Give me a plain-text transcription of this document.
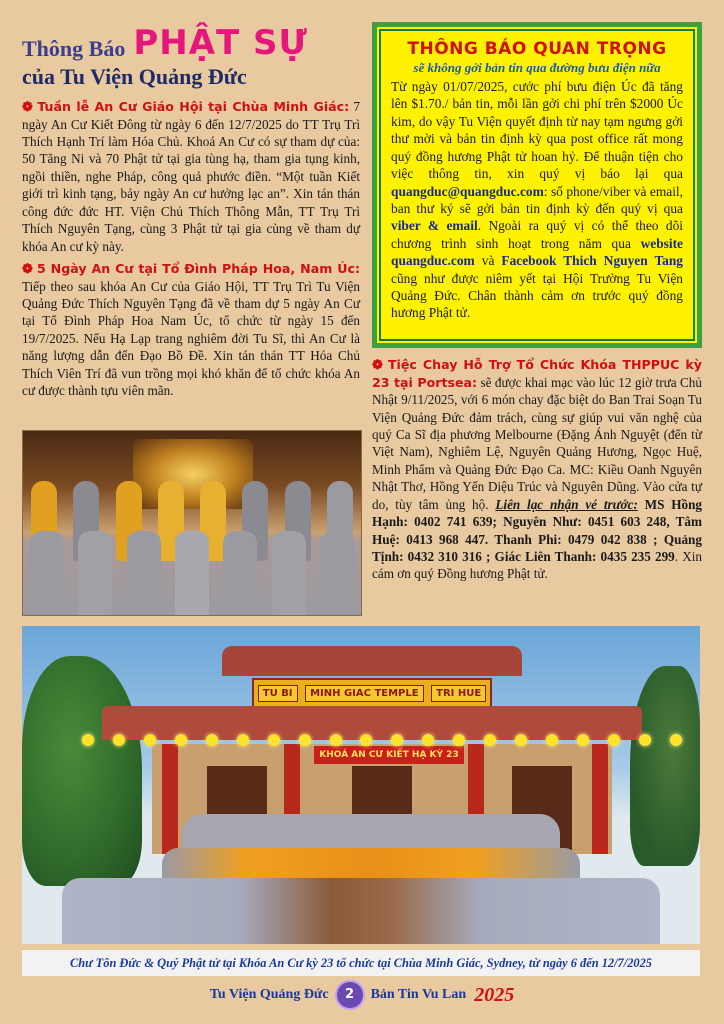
Thông Báo PHẬT SỰ
của Tu Viện Quảng Đức

❁ Tuần lễ An Cư Giáo Hội tại Chùa Minh Giác: 7 ngày An Cư Kiết Đông từ ngày 6 đến 12/7/2025 do TT Trụ Trì Thích Hạnh Trí làm Hóa Chủ. Khoá An Cư có sự tham dự của: 50 Tăng Ni và 70 Phật tử tại gia tùng hạ, tham gia tụng kinh, ngồi thiền, nghe Pháp, công quả phước điền. “Một tuần Kiết giới trì kinh tạng, bảy ngày An cư hưởng lạc an”. Xin tán thán công đức đức HT. Viện Chủ Thích Thông Mẫn, TT Trụ Trì Thích Nguyên Tạng, cùng 3 Phật tử tại gia cùng về tham dự khóa An cư kỳ này.

❁ 5 Ngày An Cư tại Tổ Đình Pháp Hoa, Nam Úc: Tiếp theo sau khóa An Cư của Giáo Hội, TT Trụ Trì Tu Viện Quảng Đức Thích Nguyên Tạng đã về tham dự 5 ngày An Cư tại Tổ Đình Pháp Hoa Nam Úc, tổ chức từ ngày 15 đến 19/7/2025. Nếu Hạ Lạp trang nghiêm đời Tu Sĩ, thì An Cư là năng lượng dẫn đến Đạo Bồ Đề. Xin tán thán TT Hóa Chủ Thích Viên Trí đã vun trồng mọi khó khăn để tổ chức khóa An cư được thành tựu viên mãn.

THÔNG BÁO QUAN TRỌNG
sẽ không gởi bản tin qua đường bưu điện nữa
Từ ngày 01/07/2025, cước phí bưu điện Úc đã tăng lên $1.70./ bản tin, mỗi lần gởi chi phí trên $2000 Úc kim, do vậy Tu Viện quyết định từ nay tạm ngưng gởi thư mời và bản tin định kỳ qua post office rất mong quý đồng hương Phật tử hoan hỷ. Để thuận tiện cho việc thông tin, xin quý vị báo lại qua quangduc@quangduc.com: số phone/viber và email, ban thư ký sẽ gởi bản tin định kỳ đến quý vị qua viber & email. Ngoài ra quý vị có thể theo dõi chương trình sinh hoạt trong năm qua website quangduc.com và Facebook Thich Nguyen Tang cũng như được niêm yết tại Hội Trường Tu Viện Quảng Đức. Chân thành cảm ơn trước quý đồng hương Phật tử.

❁ Tiệc Chay Hỗ Trợ Tổ Chức Khóa THPPUC kỳ 23 tại Portsea: sẽ được khai mạc vào lúc 12 giờ trưa Chủ Nhật 9/11/2025, với 6 món chay đặc biệt do Ban Trai Soạn Tu Viện Quảng Đức đảm trách, cùng sự giúp vui văn nghệ của quý Ca Sĩ địa phương Melbourne (Đặng Ánh Nguyệt (đến từ Việt Nam), Nghiêm Lệ, Nguyên Quảng Hương, Ngọc Huệ, Minh Phẩm và Quảng Đức Đạo Ca. MC: Kiều Oanh Nguyên Nhật Thơ, Hồng Yến Diệu Trúc và Nguyên Dũng. Vào cửa tự do, tùy tâm ủng hộ. Liên lạc nhận vé trước: MS Hồng Hạnh: 0402 741 639; Nguyên Như: 0451 603 248, Tâm Huệ: 0413 968 447. Thanh Phi: 0479 042 838 ; Quảng Tịnh: 0432 310 316 ; Giác Liên Thanh: 0435 235 299. Xin cám ơn quý Đồng hương Phật tử.

TU BI	MINH GIAC TEMPLE	TRI HUE
KHOÁ AN CƯ KIẾT HẠ KỲ 23
Chư Tôn Đức & Quý Phật tử tại Khóa An Cư kỳ 23 tổ chức tại Chùa Minh Giác, Sydney, từ ngày 6 đến 12/7/2025
Tu Viện Quảng Đức	2	Bản Tin Vu Lan 2025
